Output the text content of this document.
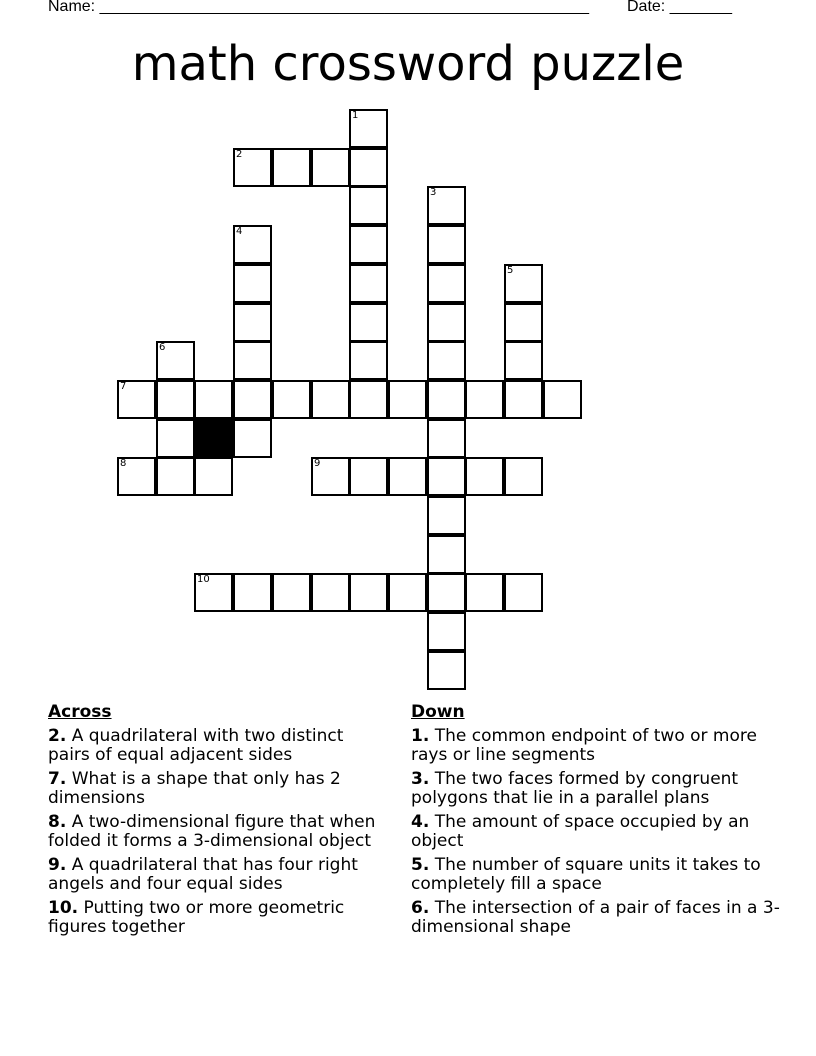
Name: _______________________________________________________ Date: _______
math crossword puzzle
1
2
3
4
5
6
7
8	9
10
Across
2. A quadrilateral with two distinct pairs of equal adjacent sides
7. What is a shape that only has 2 dimensions
8. A two-dimensional figure that when folded it forms a 3-dimensional object
9. A quadrilateral that has four right angels and four equal sides
10. Putting two or more geometric figures together
Down
1. The common endpoint of two or more rays or line segments
3. The two faces formed by congruent polygons that lie in a parallel plans
4. The amount of space occupied by an object
5. The number of square units it takes to completely fill a space
6. The intersection of a pair of faces in a 3-dimensional shape
